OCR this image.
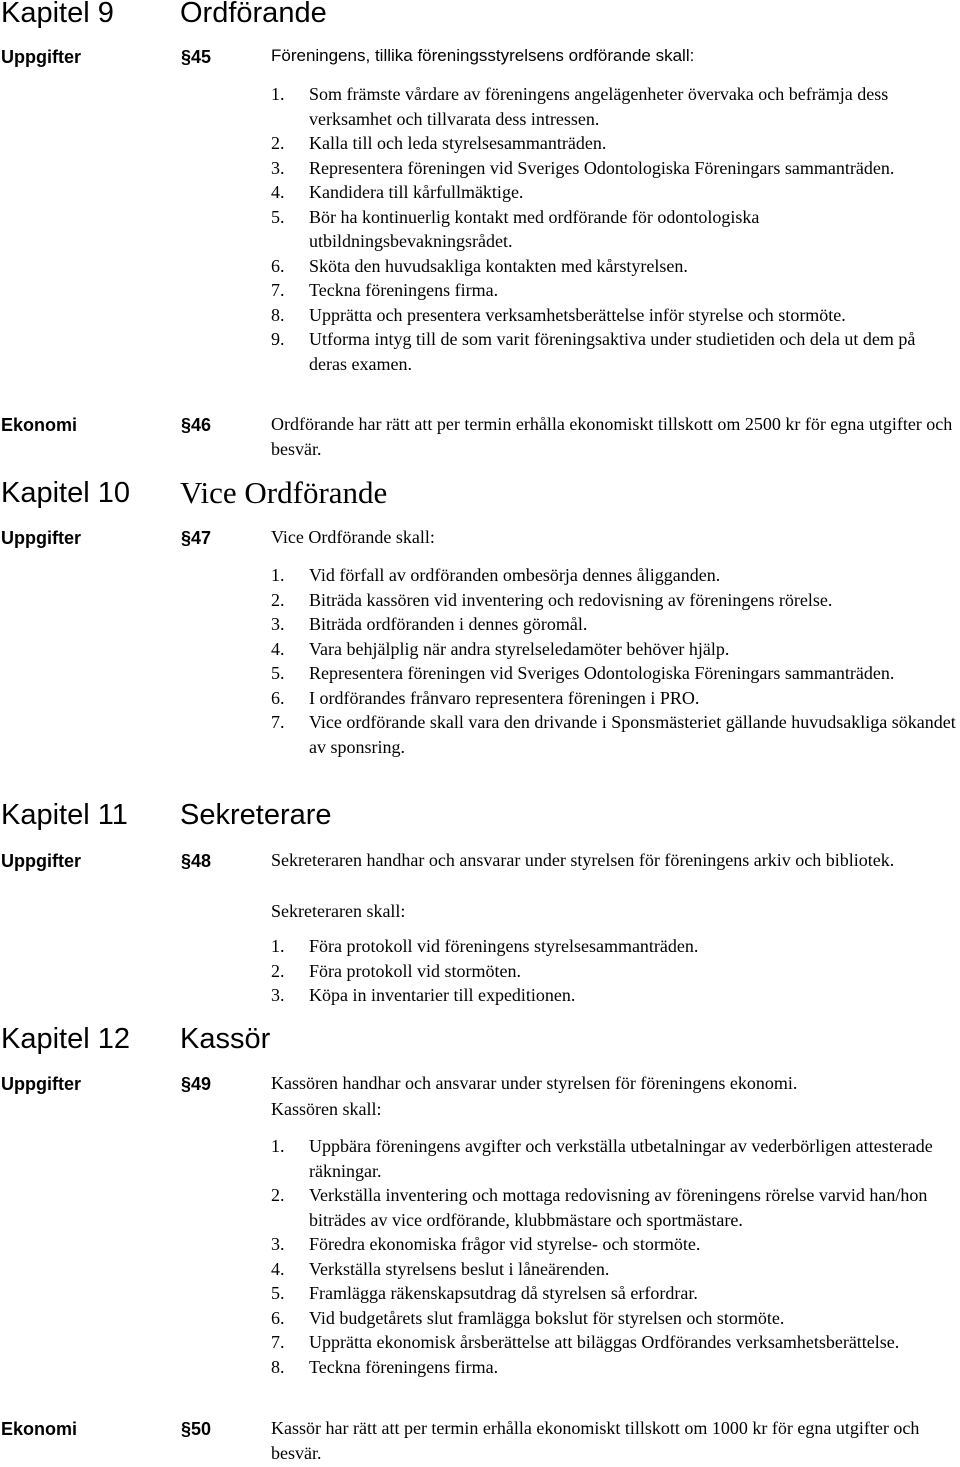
Kapitel 9 Ordförande
Uppgifter	§45	Föreningens, tillika föreningsstyrelsens ordförande skall:
1. Som främste vårdare av föreningens angelägenheter övervaka och befrämja dess verksamhet och tillvarata dess intressen.
2. Kalla till och leda styrelsesammanträden.
3. Representera föreningen vid Sveriges Odontologiska Föreningars sammanträden.
4. Kandidera till kårfullmäktige.
5. Bör ha kontinuerlig kontakt med ordförande för odontologiska utbildningsbevakningsrådet.
6. Sköta den huvudsakliga kontakten med kårstyrelsen.
7. Teckna föreningens firma.
8. Upprätta och presentera verksamhetsberättelse inför styrelse och stormöte.
9. Utforma intyg till de som varit föreningsaktiva under studietiden och dela ut dem på deras examen.
Ekonomi	§46	Ordförande har rätt att per termin erhålla ekonomiskt tillskott om 2500 kr för egna utgifter och besvär.
Kapitel 10 Vice Ordförande
Uppgifter	§47	Vice Ordförande skall:
1. Vid förfall av ordföranden ombesörja dennes åligganden.
2. Biträda kassören vid inventering och redovisning av föreningens rörelse.
3. Biträda ordföranden i dennes göromål.
4. Vara behjälplig när andra styrelseledamöter behöver hjälp.
5. Representera föreningen vid Sveriges Odontologiska Föreningars sammanträden.
6. I ordförandes frånvaro representera föreningen i PRO.
7. Vice ordförande skall vara den drivande i Sponsmästeriet gällande huvudsakliga sökandet av sponsring.
Kapitel 11 Sekreterare
Uppgifter	§48	Sekreteraren handhar och ansvarar under styrelsen för föreningens arkiv och bibliotek.
Sekreteraren skall:
1. Föra protokoll vid föreningens styrelsesammanträden.
2. Föra protokoll vid stormöten.
3. Köpa in inventarier till expeditionen.
Kapitel 12 Kassör
Uppgifter	§49	Kassören handhar och ansvarar under styrelsen för föreningens ekonomi.
Kassören skall:
1. Uppbära föreningens avgifter och verkställa utbetalningar av vederbörligen attesterade räkningar.
2. Verkställa inventering och mottaga redovisning av föreningens rörelse varvid han/hon biträdes av vice ordförande, klubbmästare och sportmästare.
3. Föredra ekonomiska frågor vid styrelse- och stormöte.
4. Verkställa styrelsens beslut i låneärenden.
5. Framlägga räkenskapsutdrag då styrelsen så erfordrar.
6. Vid budgetårets slut framlägga bokslut för styrelsen och stormöte.
7. Upprätta ekonomisk årsberättelse att biläggas Ordförandes verksamhetsberättelse.
8. Teckna föreningens firma.
Ekonomi	§50	Kassör har rätt att per termin erhålla ekonomiskt tillskott om 1000 kr för egna utgifter och besvär.
